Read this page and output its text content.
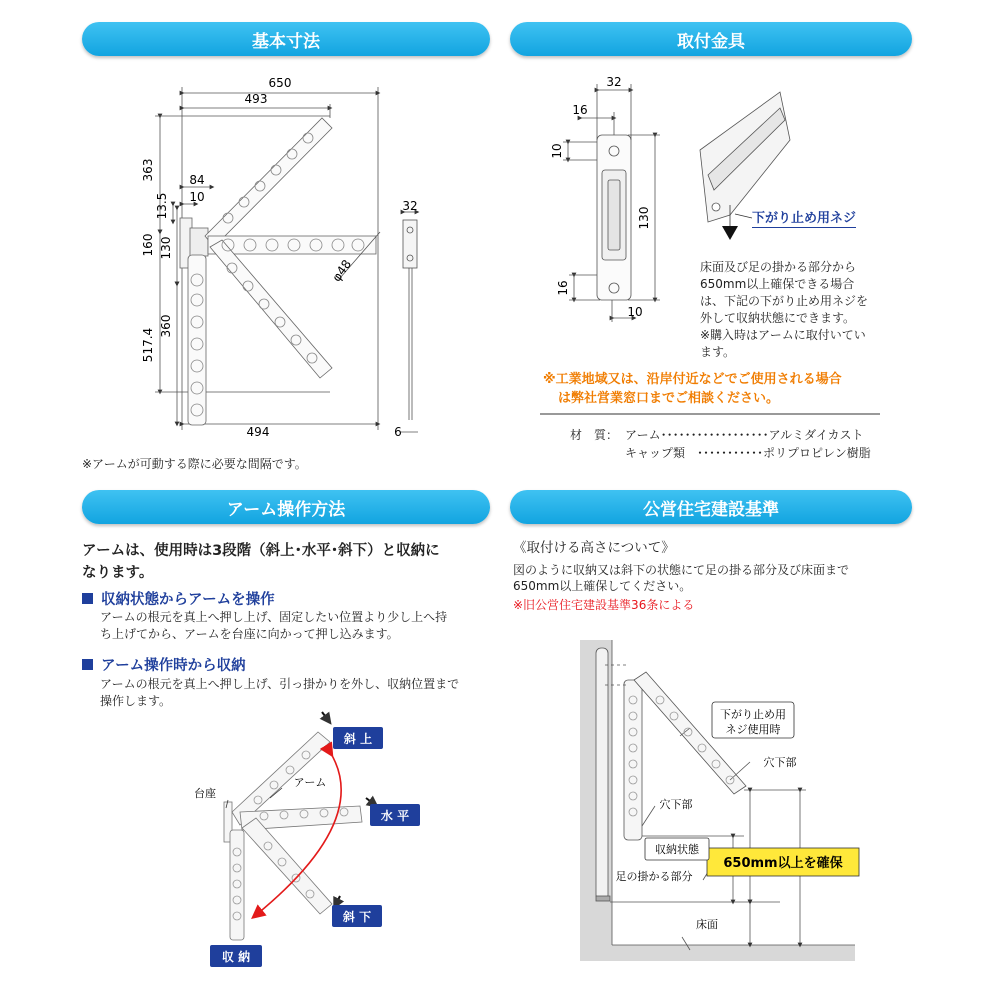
基本寸法	取付金具
アーム操作方法	公営住宅建設基準
650
493
363	84
10
13.5
160 130
360
517.4
494
32
φ48
6
32
16
10
130
16
10
斜 上
水 平
斜 下
収 納
台座
アーム
下がり止め用
ネジ使用時
穴下部
穴下部
収納状態
650mm以上を確保
足の掛かる部分
床面
下がり止め用ネジ
※アームが可動する際に必要な間隔です。
床面及び足の掛かる部分から
650mm以上確保できる場合
は、下記の下がり止め用ネジを
外して収納状態にできます。
※購入時はアームに取付いてい
ます。
※工業地域又は、沿岸付近などでご使用される場合
は弊社営業窓口までご相談ください。
材　質： アーム･･････････････････アルミダイカスト
キャップ類　･･･････････ポリプロピレン樹脂
アームは、使用時は3段階（斜上･水平･斜下）と収納に
なります。
収納状態からアームを操作
アームの根元を真上へ押し上げ、固定したい位置より少し上へ持
ち上げてから、アームを台座に向かって押し込みます。
アーム操作時から収納
アームの根元を真上へ押し上げ、引っ掛かりを外し、収納位置まで
操作します。
《取付ける高さについて》
図のように収納又は斜下の状態にて足の掛る部分及び床面まで
650mm以上確保してください。
※旧公営住宅建設基準36条による
